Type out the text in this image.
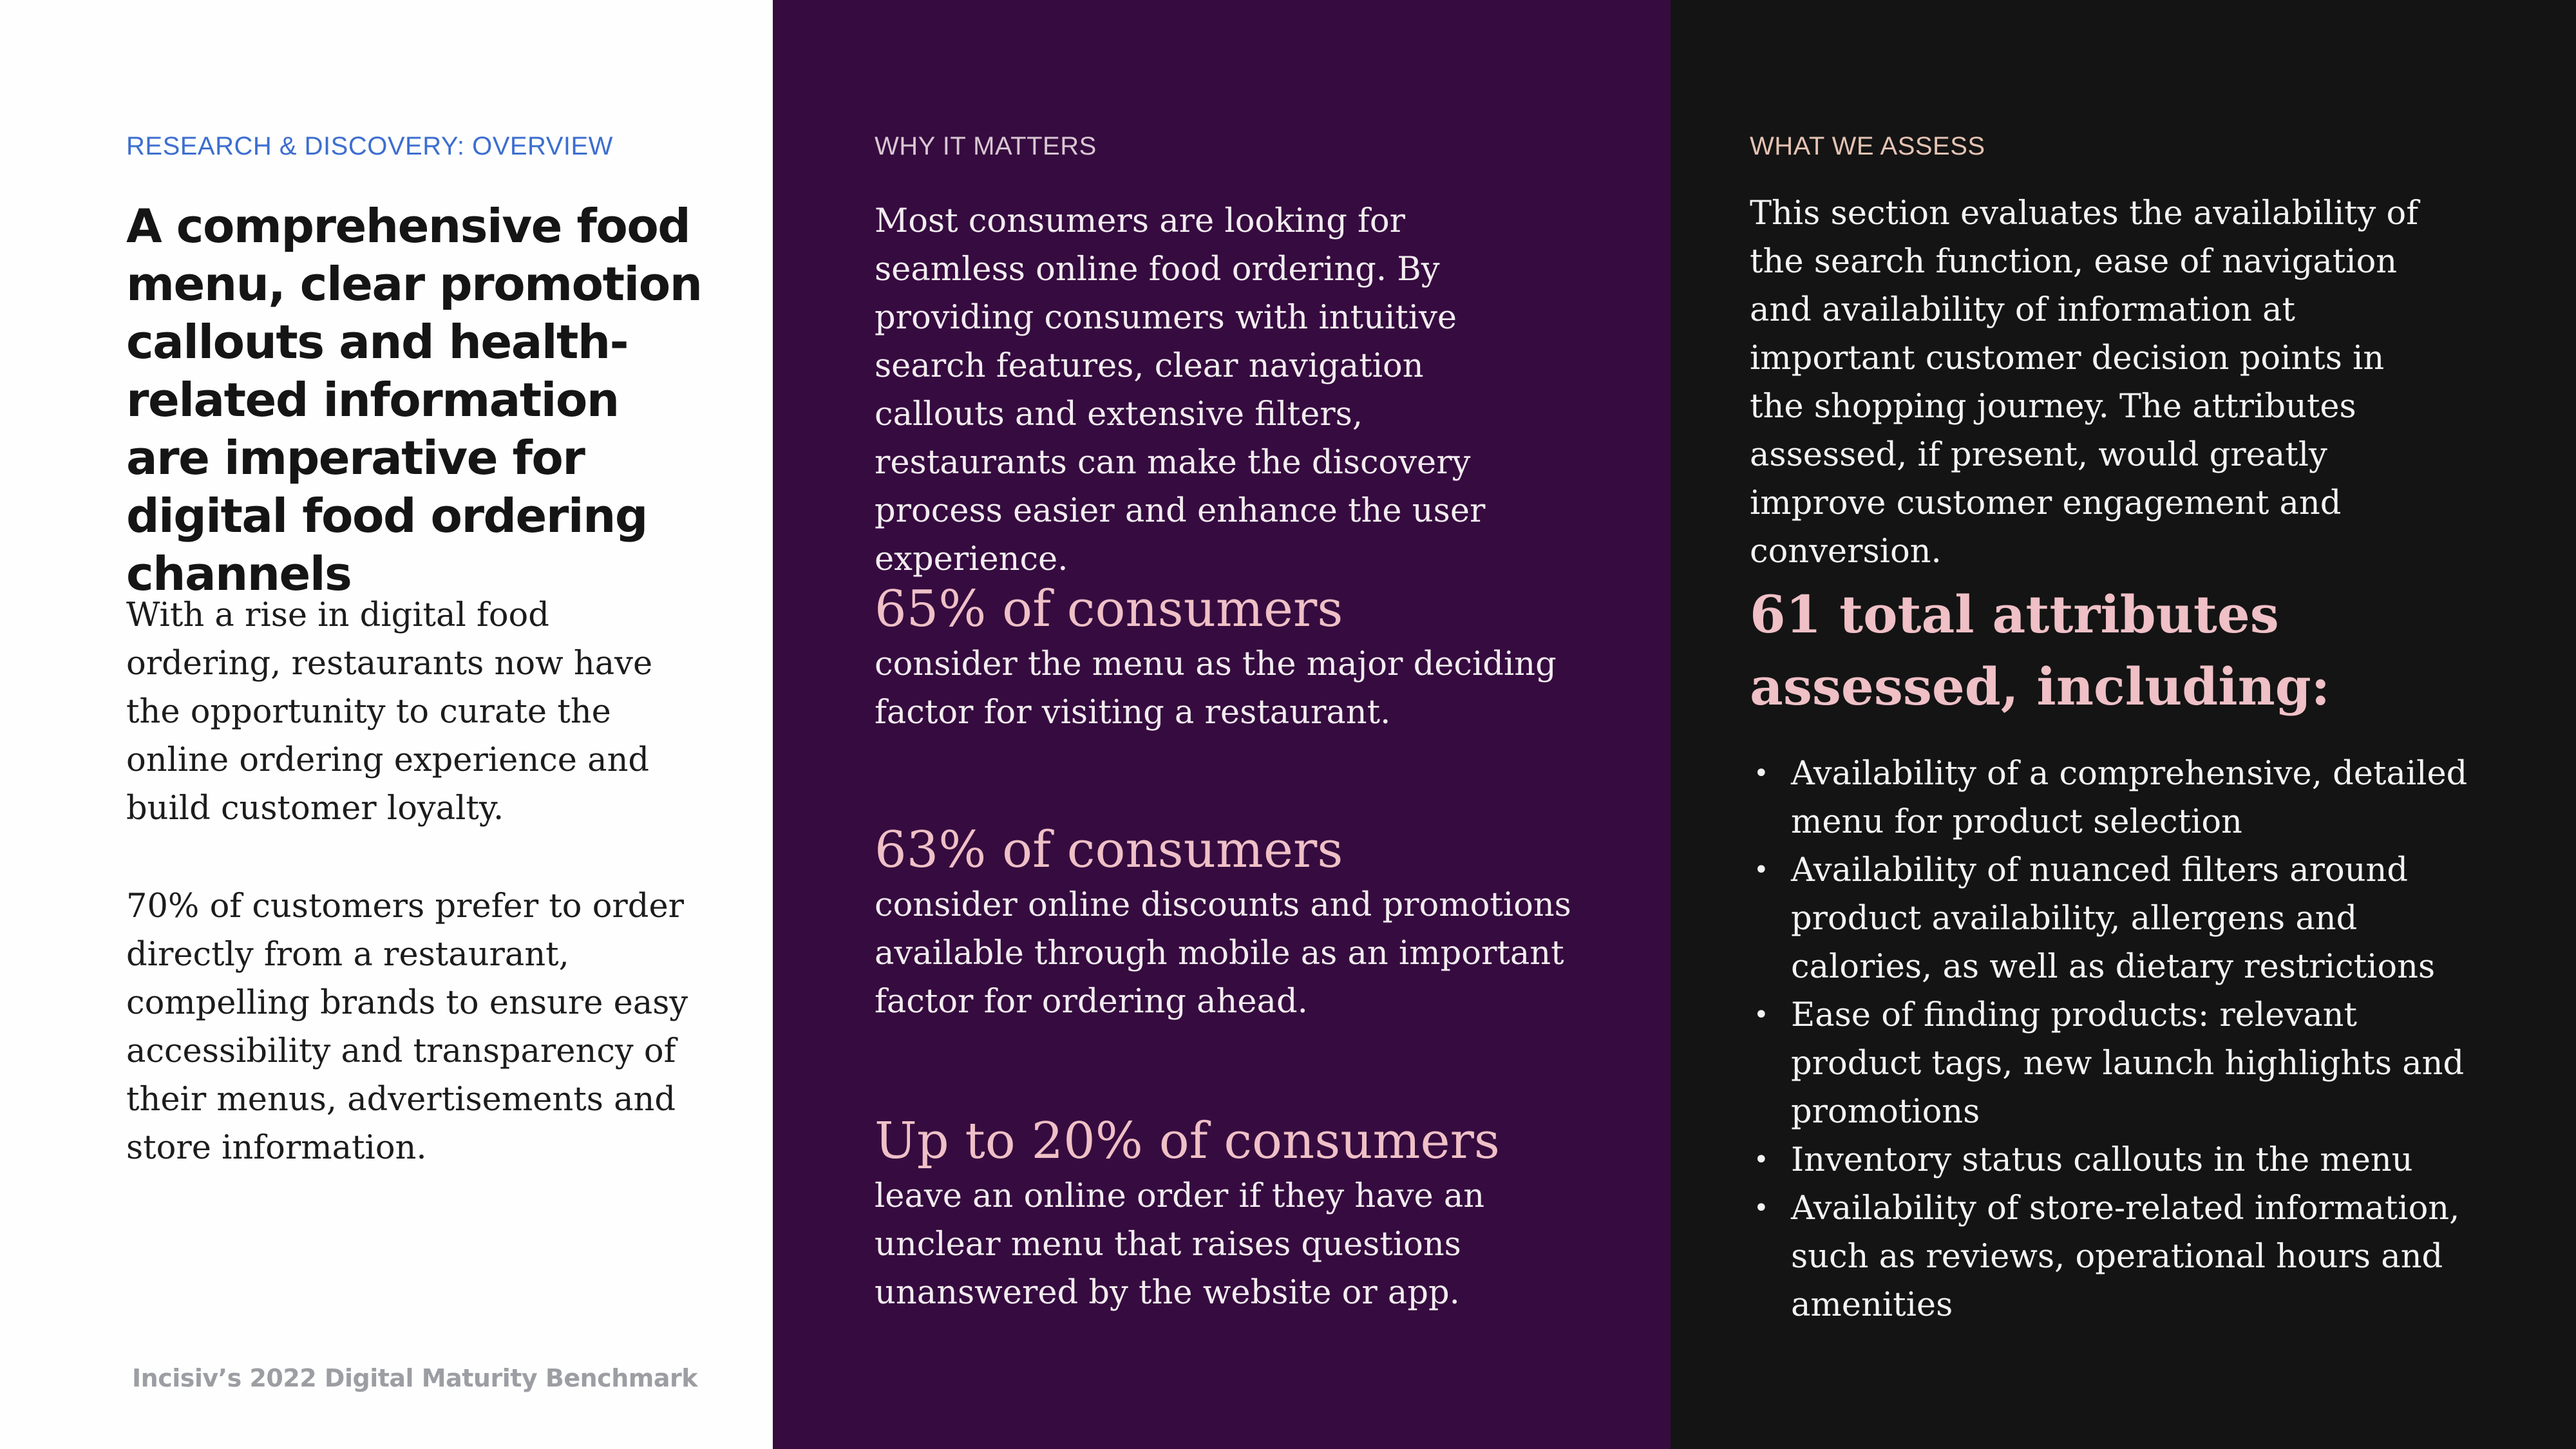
RESEARCH & DISCOVERY: OVERVIEW
A comprehensive food menu, clear promotion callouts and health-related information are imperative for digital food ordering channels

With a rise in digital food ordering, restaurants now have the opportunity to curate the online ordering experience and build customer loyalty.

70% of customers prefer to order directly from a restaurant, compelling brands to ensure easy accessibility and transparency of their menus, advertisements and store information.

Incisiv’s 2022 Digital Maturity Benchmark
WHY IT MATTERS

Most consumers are looking for seamless online food ordering. By providing consumers with intuitive search features, clear navigation callouts and extensive filters, restaurants can make the discovery process easier and enhance the user experience.

65% of consumers

consider the menu as the major deciding factor for visiting a restaurant.

63% of consumers

consider online discounts and promotions available through mobile as an important factor for ordering ahead.

Up to 20% of consumers

leave an online order if they have an unclear menu that raises questions unanswered by the website or app.

WHAT WE ASSESS

This section evaluates the availability of the search function, ease of navigation and availability of information at important customer decision points in the shopping journey. The attributes assessed, if present, would greatly improve customer engagement and conversion.

61 total attributes assessed, including:
• Availability of a comprehensive, detailed menu for product selection
• Availability of nuanced filters around product availability, allergens and calories, as well as dietary restrictions
• Ease of finding products: relevant product tags, new launch highlights and promotions
• Inventory status callouts in the menu
• Availability of store-related information, such as reviews, operational hours and amenities
